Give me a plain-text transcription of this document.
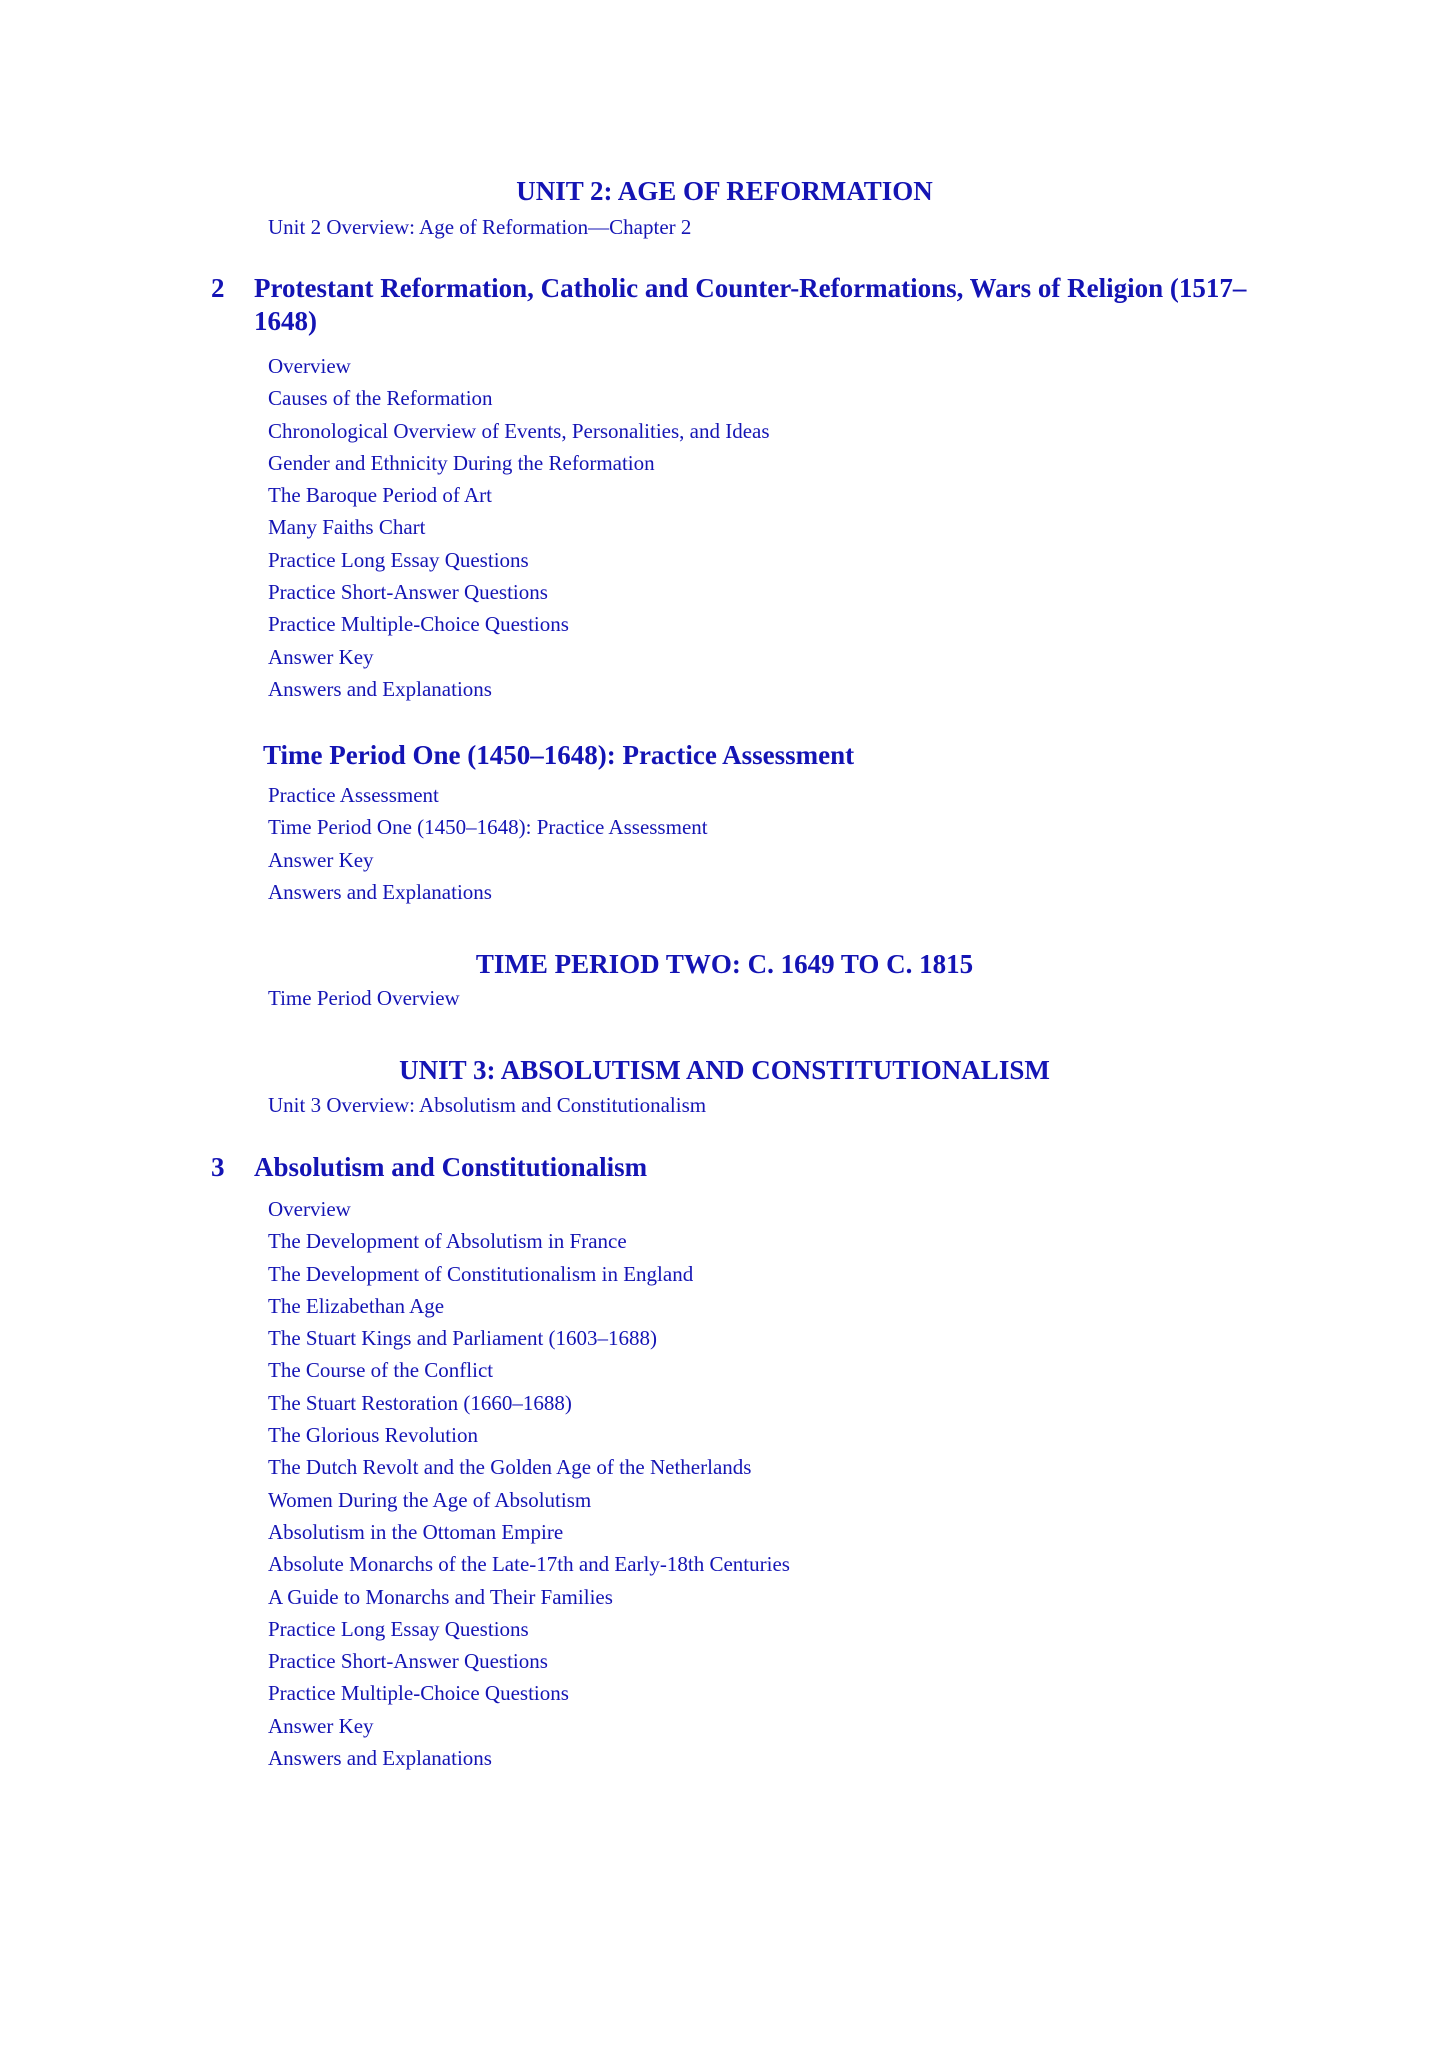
UNIT 2: AGE OF REFORMATION
Unit 2 Overview: Age of Reformation—Chapter 2
2 Protestant Reformation, Catholic and Counter-Reformations, Wars of Religion (1517–1648)
Overview
Causes of the Reformation
Chronological Overview of Events, Personalities, and Ideas
Gender and Ethnicity During the Reformation
The Baroque Period of Art
Many Faiths Chart
Practice Long Essay Questions
Practice Short-Answer Questions
Practice Multiple-Choice Questions
Answer Key
Answers and Explanations
Time Period One (1450–1648): Practice Assessment
Practice Assessment
Time Period One (1450–1648): Practice Assessment
Answer Key
Answers and Explanations
TIME PERIOD TWO: C. 1649 TO C. 1815
Time Period Overview
UNIT 3: ABSOLUTISM AND CONSTITUTIONALISM
Unit 3 Overview: Absolutism and Constitutionalism
3 Absolutism and Constitutionalism
Overview
The Development of Absolutism in France
The Development of Constitutionalism in England
The Elizabethan Age
The Stuart Kings and Parliament (1603–1688)
The Course of the Conflict
The Stuart Restoration (1660–1688)
The Glorious Revolution
The Dutch Revolt and the Golden Age of the Netherlands
Women During the Age of Absolutism
Absolutism in the Ottoman Empire
Absolute Monarchs of the Late-17th and Early-18th Centuries
A Guide to Monarchs and Their Families
Practice Long Essay Questions
Practice Short-Answer Questions
Practice Multiple-Choice Questions
Answer Key
Answers and Explanations
